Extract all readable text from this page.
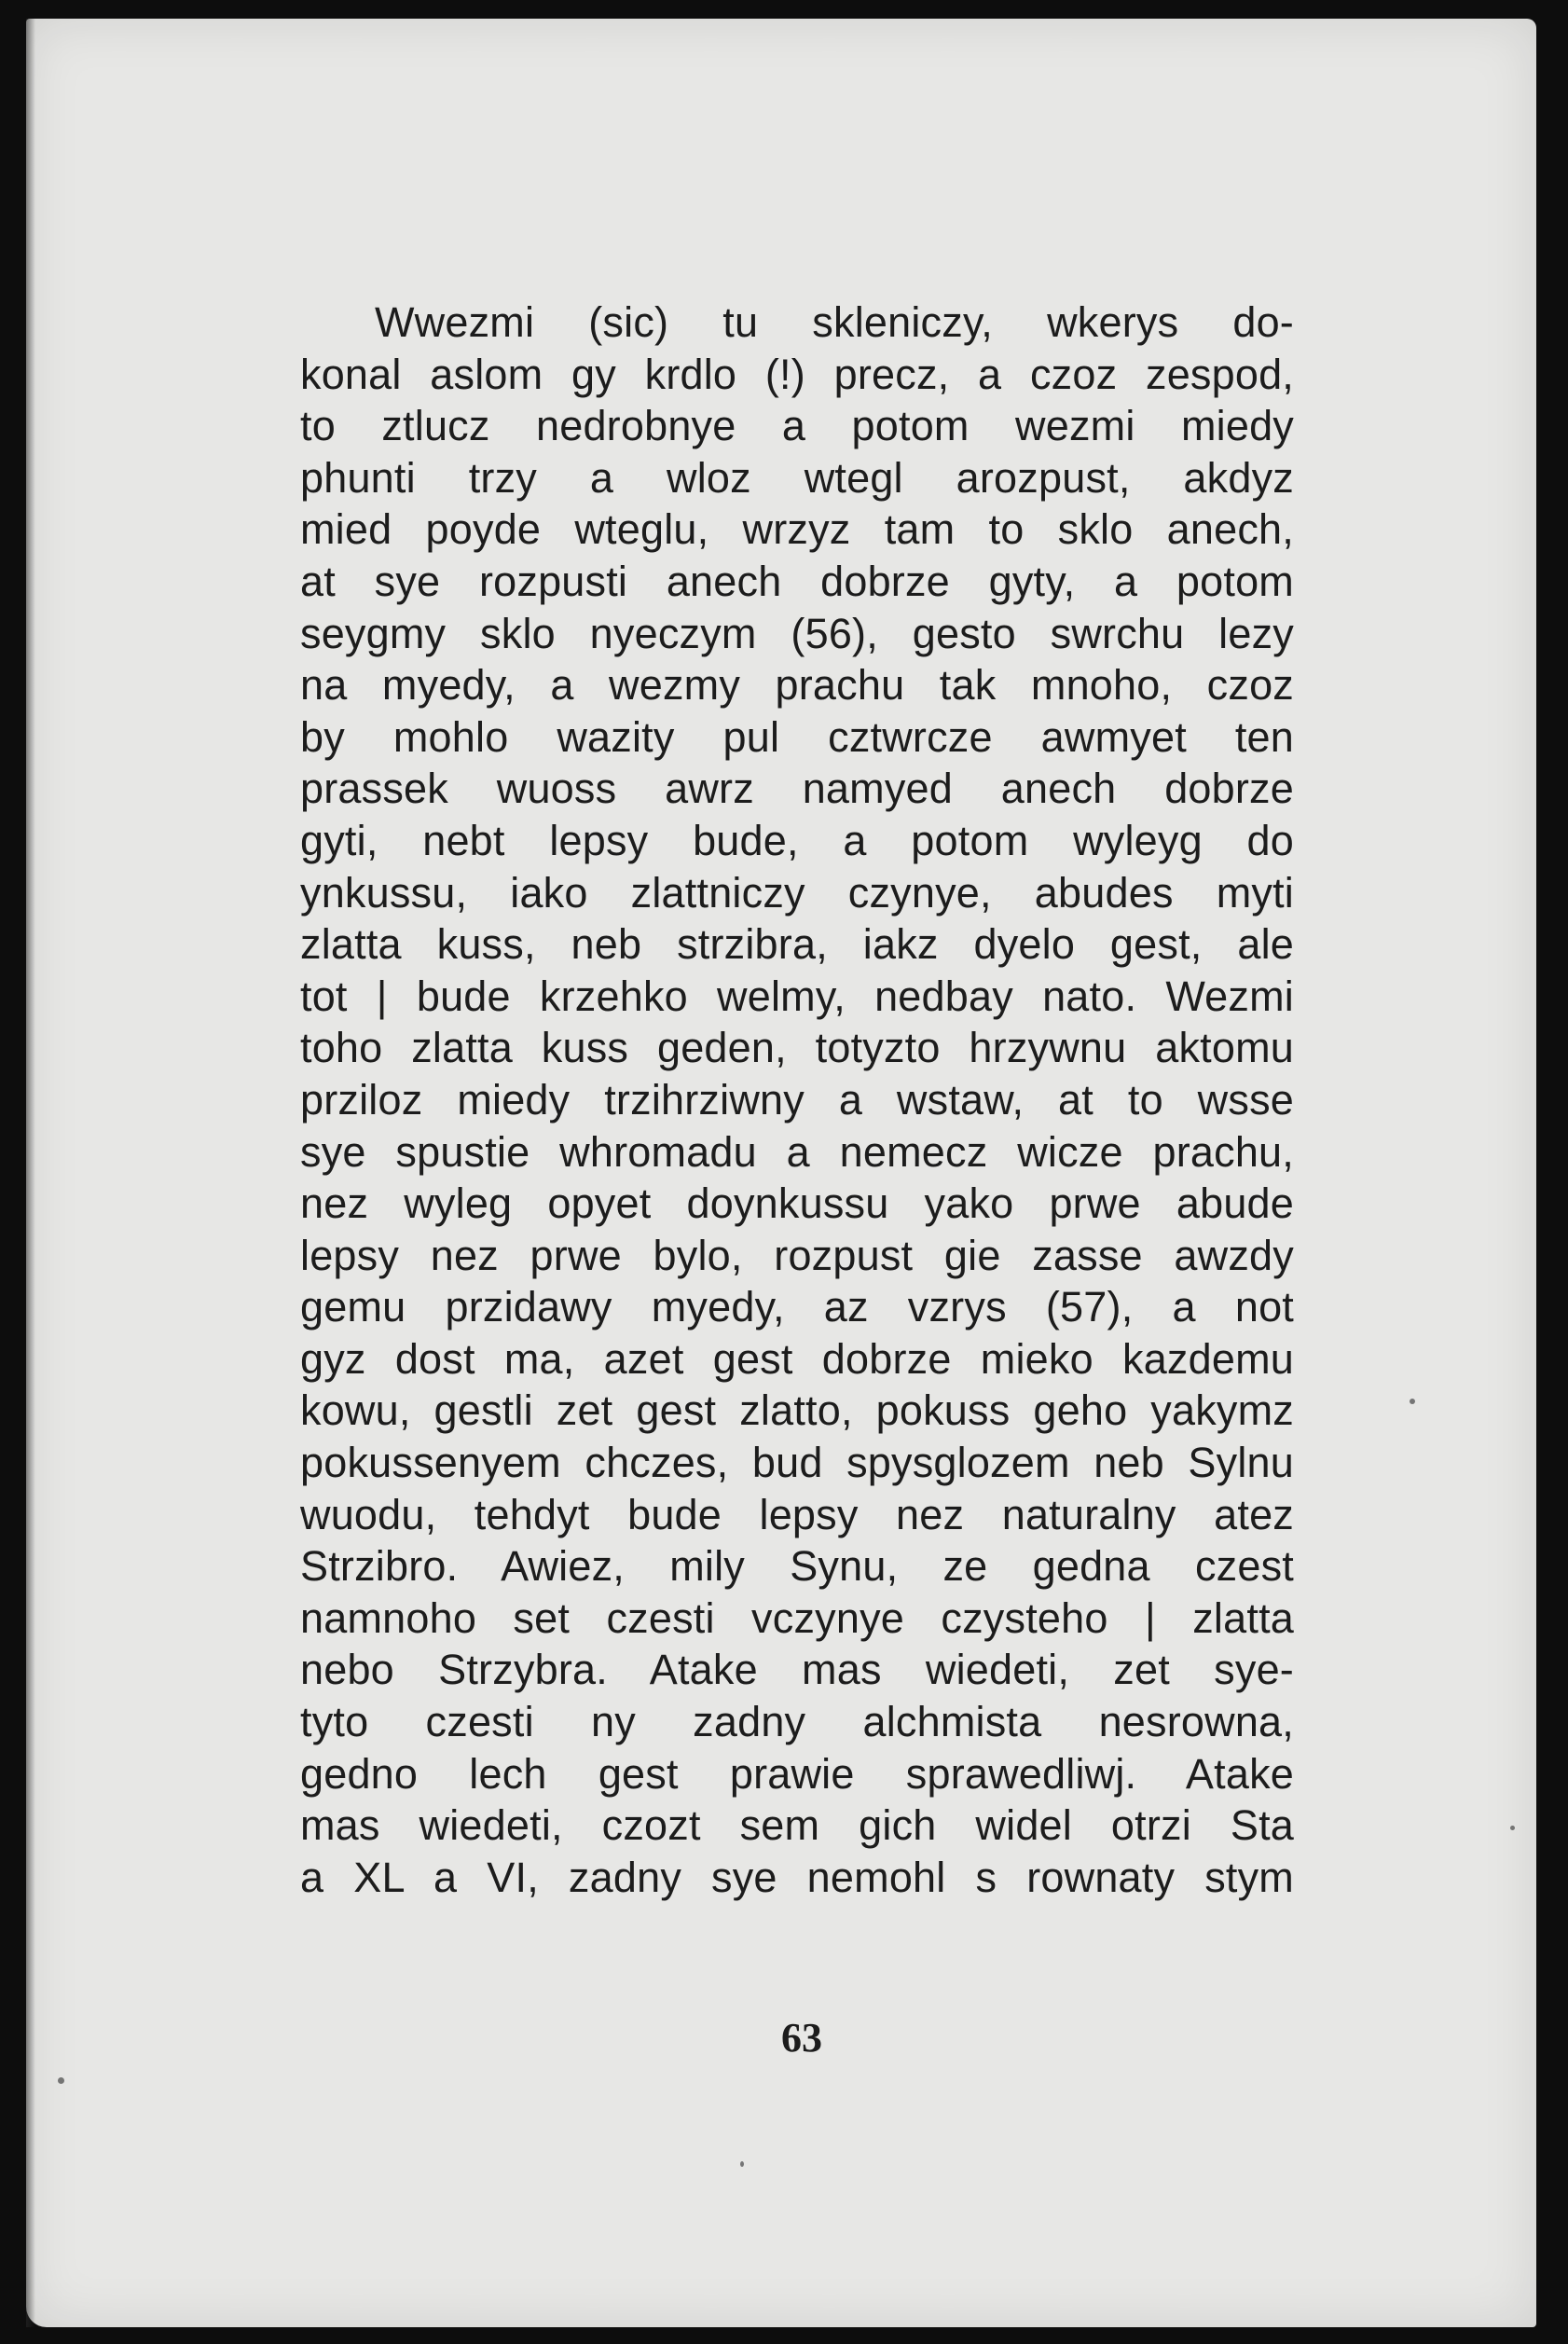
Wwezmi (sic) tu skleniczy, wkerys do-
konal aslom gy krdlo (!) precz, a czoz zespod,
to ztlucz nedrobnye a potom wezmi miedy
phunti trzy a wloz wtegl arozpust, akdyz
mied poyde wteglu, wrzyz tam to sklo anech,
at sye rozpusti anech dobrze gyty, a potom
seygmy sklo nyeczym (56), gesto swrchu lezy
na myedy, a wezmy prachu tak mnoho, czoz
by mohlo wazity pul cztwrcze awmyet ten
prassek wuoss awrz namyed anech dobrze
gyti, nebt lepsy bude, a potom wyleyg do
ynkussu, iako zlattniczy czynye, abudes myti
zlatta kuss, neb strzibra, iakz dyelo gest, ale
tot | bude krzehko welmy, nedbay nato. Wezmi
toho zlatta kuss geden, totyzto hrzywnu aktomu
prziloz miedy trzihrziwny a wstaw, at to wsse
sye spustie whromadu a nemecz wicze prachu,
nez wyleg opyet doynkussu yako prwe abude
lepsy nez prwe bylo, rozpust gie zasse awzdy
gemu przidawy myedy, az vzrys (57), a not
gyz dost ma, azet gest dobrze mieko kazdemu
kowu, gestli zet gest zlatto, pokuss geho yakymz
pokussenyem chczes, bud spysglozem neb Sylnu
wuodu, tehdyt bude lepsy nez naturalny atez
Strzibro. Awiez, mily Synu, ze gedna czest
namnoho set czesti vczynye czysteho | zlatta
nebo Strzybra. Atake mas wiedeti, zet sye-
tyto czesti ny zadny alchmista nesrowna,
gedno lech gest prawie sprawedliwj. Atake
mas wiedeti, czozt sem gich widel otrzi Sta
a XL a VI, zadny sye nemohl s rownaty stym
63
